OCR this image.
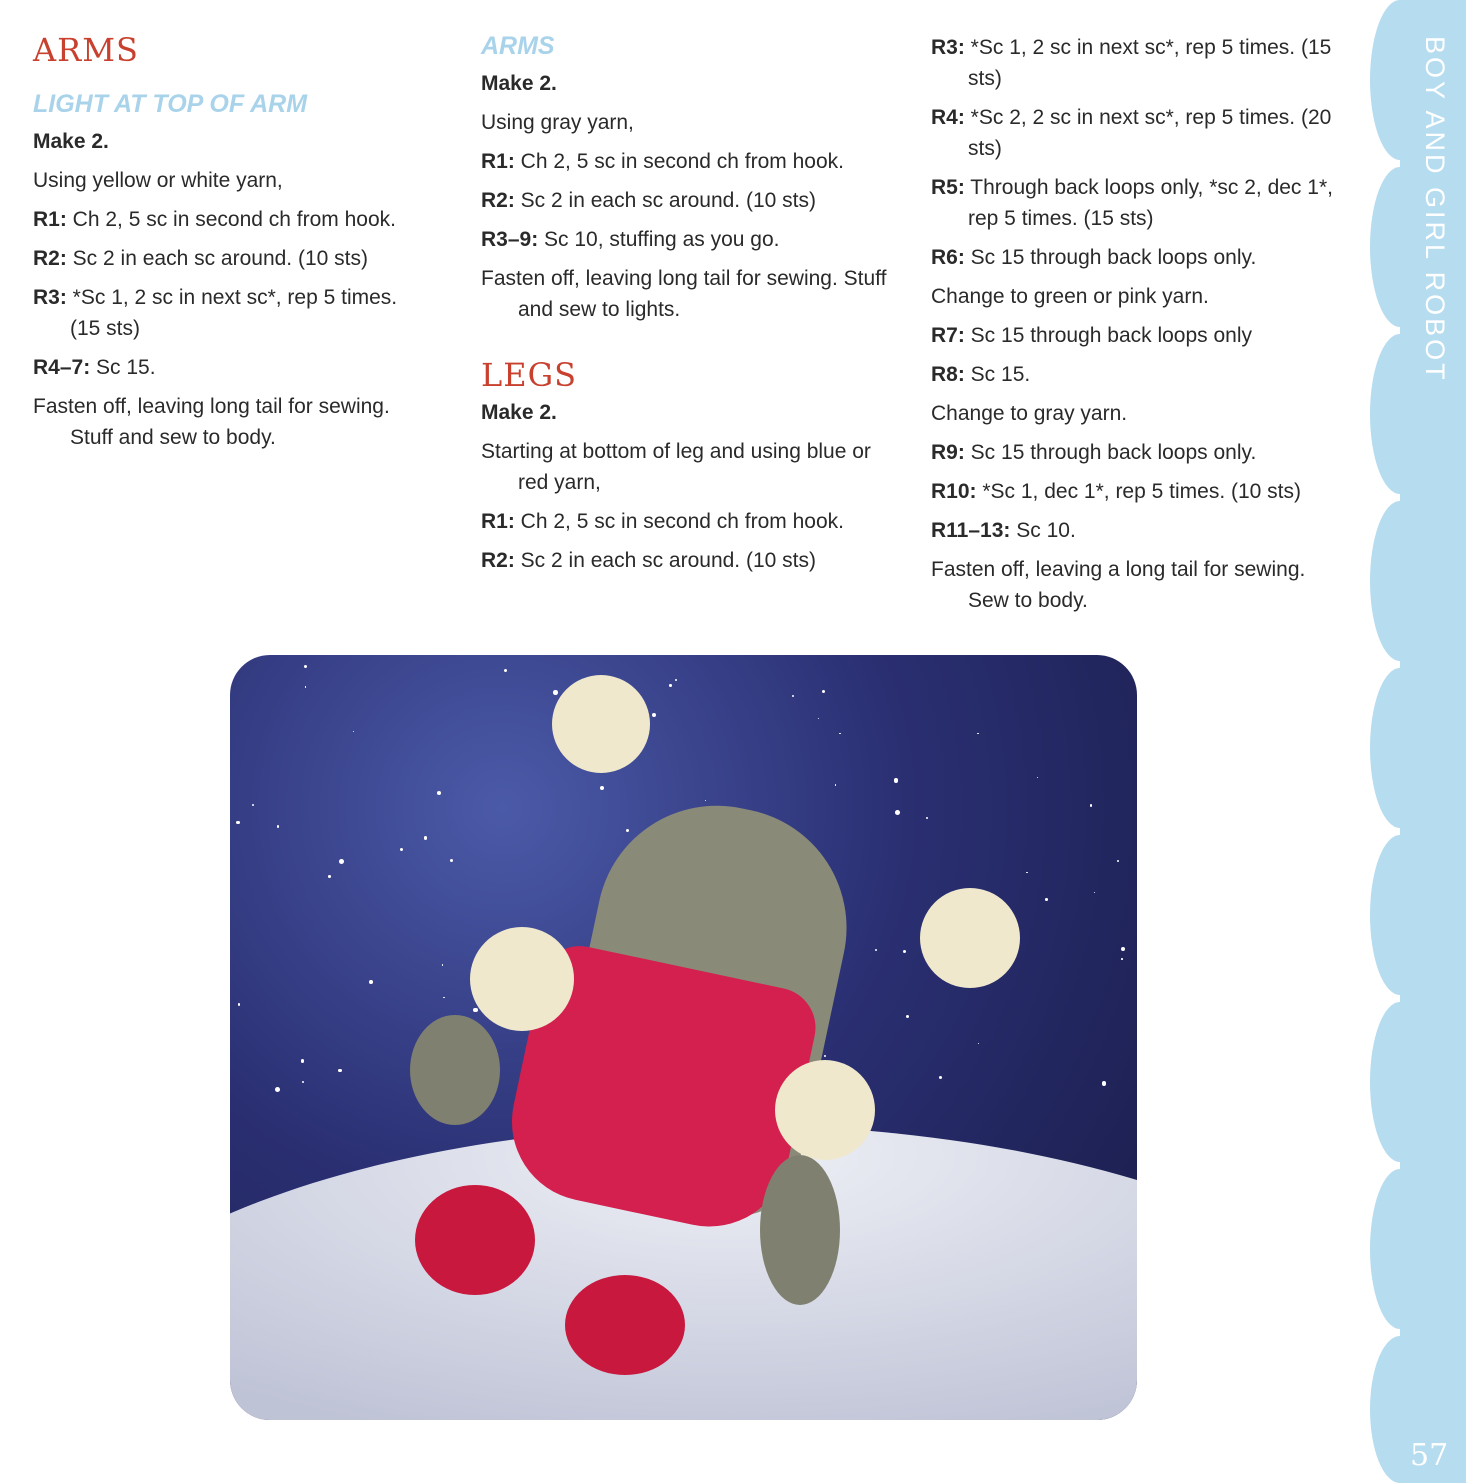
ARMS
LIGHT AT TOP OF ARM
Make 2.
Using yellow or white yarn,
R1: Ch 2, 5 sc in second ch from hook.
R2: Sc 2 in each sc around. (10 sts)
R3: *Sc 1, 2 sc in next sc*, rep 5 times. (15 sts)
R4–7: Sc 15.
Fasten off, leaving long tail for sewing. Stuff and sew to body.
ARMS
Make 2.
Using gray yarn,
R1: Ch 2, 5 sc in second ch from hook.
R2: Sc 2 in each sc around. (10 sts)
R3–9: Sc 10, stuffing as you go.
Fasten off, leaving long tail for sewing. Stuff and sew to lights.
LEGS
Make 2.
Starting at bottom of leg and using blue or red yarn,
R1: Ch 2, 5 sc in second ch from hook.
R2: Sc 2 in each sc around. (10 sts)
R3: *Sc 1, 2 sc in next sc*, rep 5 times. (15 sts)
R4: *Sc 2, 2 sc in next sc*, rep 5 times. (20 sts)
R5: Through back loops only, *sc 2, dec 1*, rep 5 times. (15 sts)
R6: Sc 15 through back loops only.
Change to green or pink yarn.
R7: Sc 15 through back loops only
R8: Sc 15.
Change to gray yarn.
R9: Sc 15 through back loops only.
R10: *Sc 1, dec 1*, rep 5 times. (10 sts)
R11–13: Sc 10.
Fasten off, leaving a long tail for sewing. Sew to body.
BOY AND GIRL ROBOT
57
